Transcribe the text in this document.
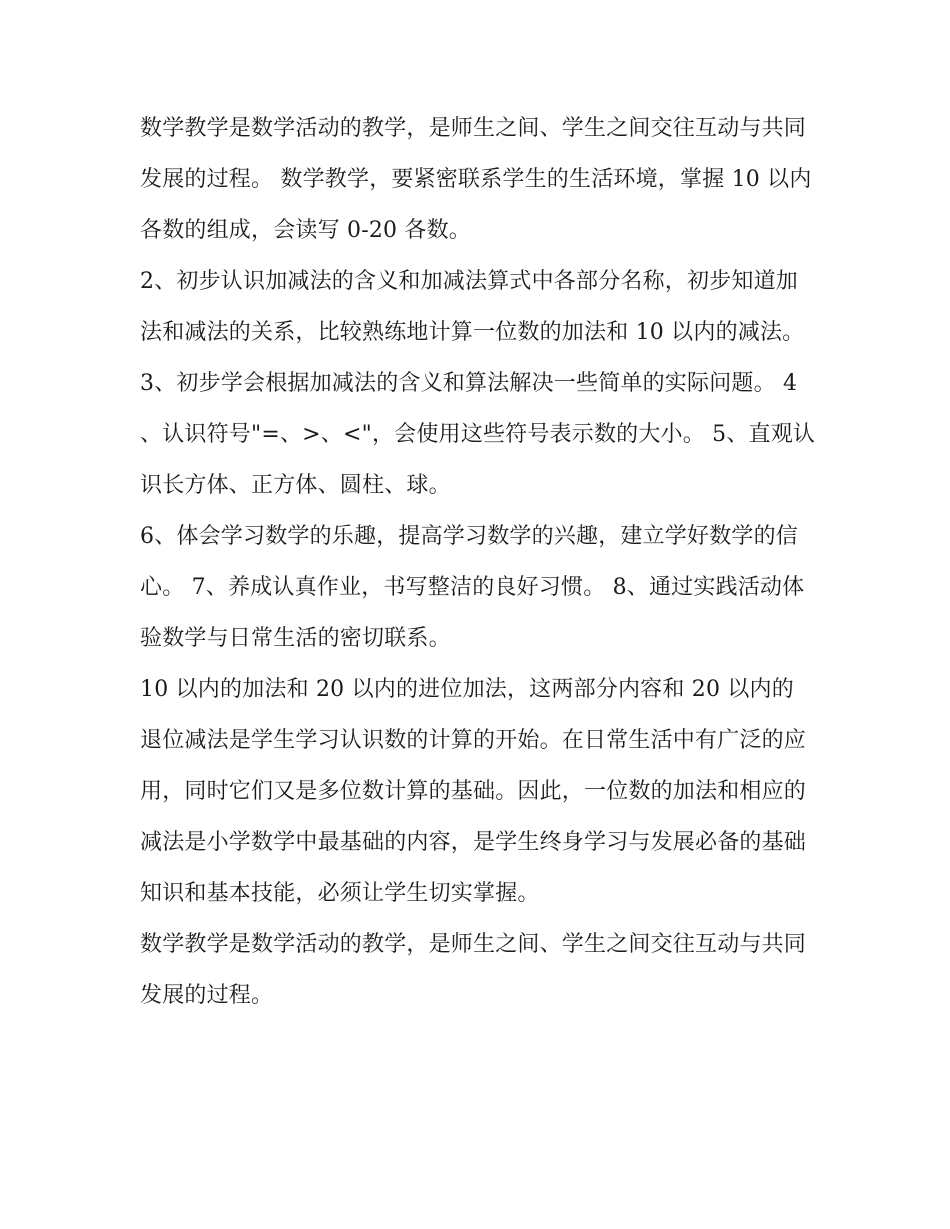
数学教学是数学活动的教学，是师生之间、学生之间交往互动与共同发展的过程。 数学教学，要紧密联系学生的生活环境，掌握 10 以内各数的组成，会读写 0-20 各数。

2、初步认识加减法的含义和加减法算式中各部分名称，初步知道加法和减法的关系，比较熟练地计算一位数的加法和 10 以内的减法。

3、初步学会根据加减法的含义和算法解决一些简单的实际问题。 4、认识符号"=、>、<"，会使用这些符号表示数的大小。 5、直观认识长方体、正方体、圆柱、球。

6、体会学习数学的乐趣，提高学习数学的兴趣，建立学好数学的信心。 7、养成认真作业，书写整洁的良好习惯。 8、通过实践活动体验数学与日常生活的密切联系。

10 以内的加法和 20 以内的进位加法，这两部分内容和 20 以内的退位减法是学生学习认识数的计算的开始。在日常生活中有广泛的应用，同时它们又是多位数计算的基础。因此，一位数的加法和相应的减法是小学数学中最基础的内容，是学生终身学习与发展必备的基础知识和基本技能，必须让学生切实掌握。

数学教学是数学活动的教学，是师生之间、学生之间交往互动与共同发展的过程。
